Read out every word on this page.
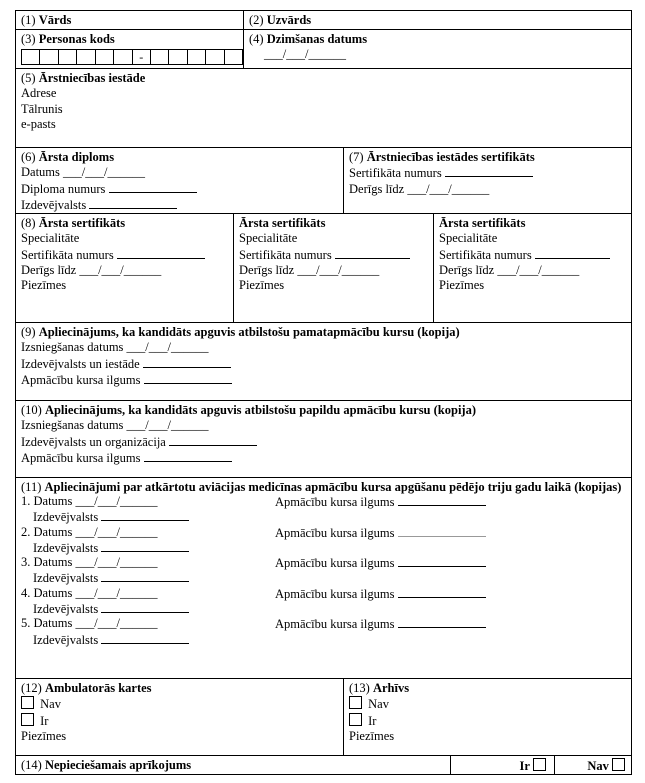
(1) Vārds	(2) Uzvārds
(3) Personas kods
-
(4) Dzimšanas datums
___/___/______
(5) Ārstniecības iestāde
Adrese
Tālrunis
e-pasts
(6) Ārsta diploms
Datums ___/___/______
Diploma numurs
Izdevējvalsts
(7) Ārstniecības iestādes sertifikāts
Sertifikāta numurs
Derīgs līdz ___/___/______
(8) Ārsta sertifikāts
Specialitāte
Sertifikāta numurs
Derīgs līdz ___/___/______
Piezīmes
Ārsta sertifikāts
Specialitāte
Sertifikāta numurs
Derīgs līdz ___/___/______
Piezīmes
Ārsta sertifikāts
Specialitāte
Sertifikāta numurs
Derīgs līdz ___/___/______
Piezīmes
(9) Apliecinājums, ka kandidāts apguvis atbilstošu pamatapmācību kursu (kopija)
Izsniegšanas datums ___/___/______
Izdevējvalsts un iestāde
Apmācību kursa ilgums
(10) Apliecinājums, ka kandidāts apguvis atbilstošu papildu apmācību kursu (kopija)
Izsniegšanas datums ___/___/______
Izdevējvalsts un organizācija
Apmācību kursa ilgums
(11) Apliecinājumi par atkārtotu aviācijas medicīnas apmācību kursa apgūšanu pēdējo triju gadu laikā (kopijas)
1. Datums ___/___/______
Izdevējvalsts
Apmācību kursa ilgums
2. Datums ___/___/______
Izdevējvalsts
Apmācību kursa ilgums
3. Datums ___/___/______
Izdevējvalsts
Apmācību kursa ilgums
4. Datums ___/___/______
Izdevējvalsts
Apmācību kursa ilgums
5. Datums ___/___/______
Izdevējvalsts
Apmācību kursa ilgums
(12) Ambulatorās kartes
Nav
Ir
Piezīmes
(13) Arhīvs
Nav
Ir
Piezīmes
(14) Nepieciešamais aprīkojums	Ir	Nav
